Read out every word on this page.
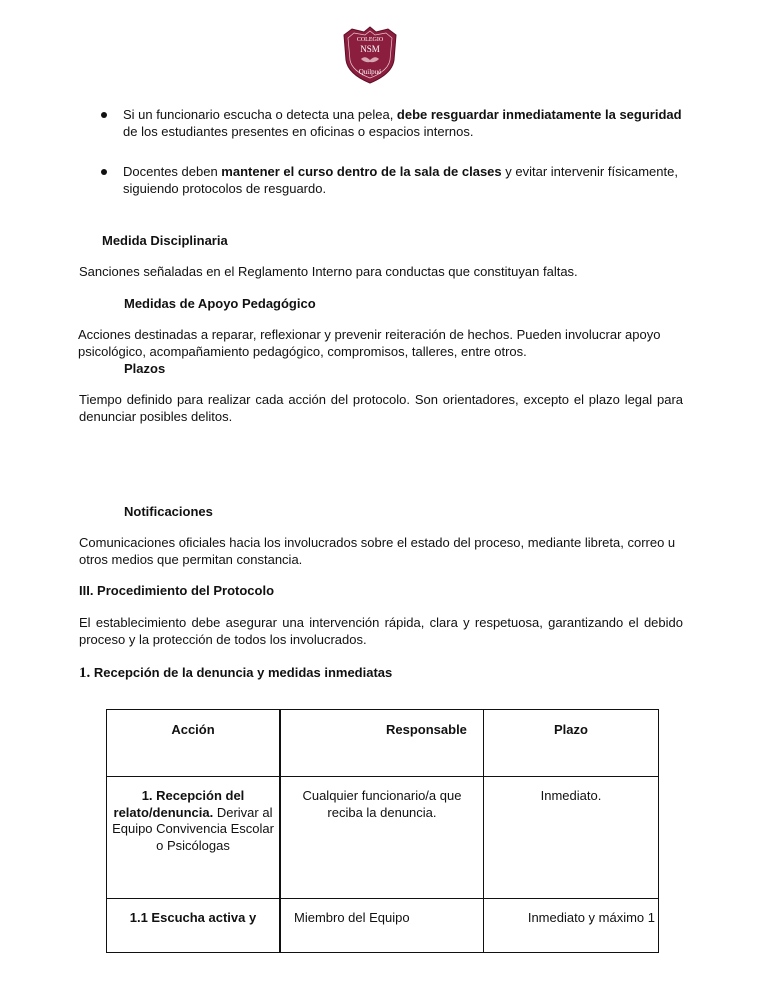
COLEGIO
NSM
Quilpué
Si un funcionario escucha o detecta una pelea, debe resguardar inmediatamente la seguridad
de los estudiantes presentes en oficinas o espacios internos.
Docentes deben mantener el curso dentro de la sala de clases y evitar intervenir físicamente,
siguiendo protocolos de resguardo.
Medida Disciplinaria
Sanciones señaladas en el Reglamento Interno para conductas que constituyan faltas.
Medidas de Apoyo Pedagógico
Acciones destinadas a reparar, reflexionar y prevenir reiteración de hechos. Pueden involucrar apoyo
psicológico, acompañamiento pedagógico, compromisos, talleres, entre otros.
Plazos
Tiempo definido para realizar cada acción del protocolo. Son orientadores, excepto el plazo legal para
denunciar posibles delitos.
Notificaciones
Comunicaciones oficiales hacia los involucrados sobre el estado del proceso, mediante libreta, correo u
otros medios que permitan constancia.
III. Procedimiento del Protocolo
El establecimiento debe asegurar una intervención rápida, clara y respetuosa, garantizando el debido
proceso y la protección de todos los involucrados.
1. Recepción de la denuncia y medidas inmediatas
Acción	Responsable	Plazo
1. Recepción del relato/denuncia. Derivar al Equipo Convivencia Escolar o Psicólogas	Cualquier funcionario/a que reciba la denuncia.	Inmediato.
1.1 Escucha activa y	Miembro del Equipo	Inmediato y máximo 1
